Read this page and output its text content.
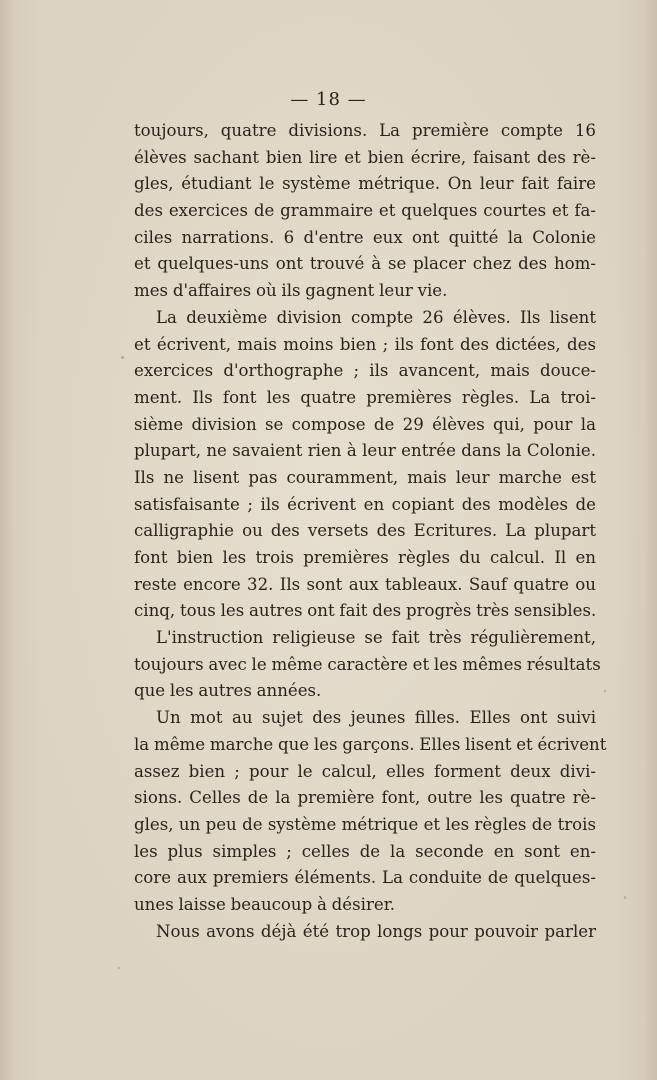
— 18 —
toujours, quatre divisions. La première compte 16
élèves sachant bien lire et bien écrire, faisant des rè-
gles, étudiant le système métrique. On leur fait faire
des exercices de grammaire et quelques courtes et fa-
ciles narrations. 6 d'entre eux ont quitté la Colonie
et quelques-uns ont trouvé à se placer chez des hom-
mes d'affaires où ils gagnent leur vie.
La deuxième division compte 26 élèves. Ils lisent
et écrivent, mais moins bien ; ils font des dictées, des
exercices d'orthographe ; ils avancent, mais douce-
ment. Ils font les quatre premières règles. La troi-
sième division se compose de 29 élèves qui, pour la
plupart, ne savaient rien à leur entrée dans la Colonie.
Ils ne lisent pas couramment, mais leur marche est
satisfaisante ; ils écrivent en copiant des modèles de
calligraphie ou des versets des Ecritures. La plupart
font bien les trois premières règles du calcul. Il en
reste encore 32. Ils sont aux tableaux. Sauf quatre ou
cinq, tous les autres ont fait des progrès très sensibles.
L'instruction religieuse se fait très régulièrement,
toujours avec le même caractère et les mêmes résultats
que les autres années.
Un mot au sujet des jeunes filles. Elles ont suivi
la même marche que les garçons. Elles lisent et écrivent
assez bien ; pour le calcul, elles forment deux divi-
sions. Celles de la première font, outre les quatre rè-
gles, un peu de système métrique et les règles de trois
les plus simples ; celles de la seconde en sont en-
core aux premiers éléments. La conduite de quelques-
unes laisse beaucoup à désirer.
Nous avons déjà été trop longs pour pouvoir parler
